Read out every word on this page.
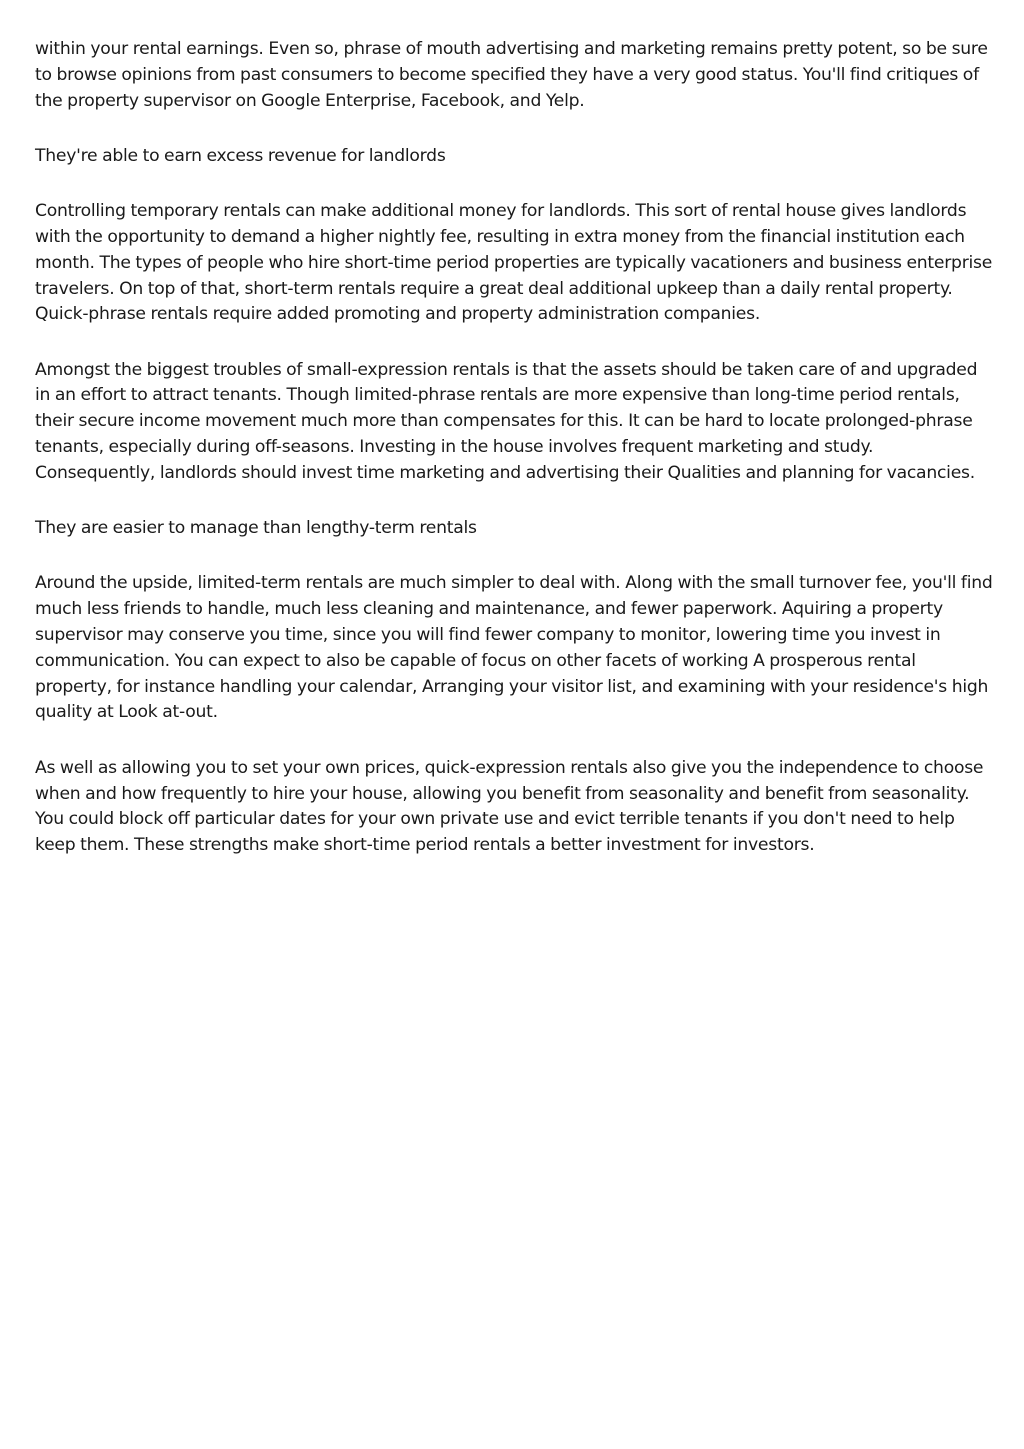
within your rental earnings. Even so, phrase of mouth advertising and marketing remains pretty potent, so be sure to browse opinions from past consumers to become specified they have a very good status. You'll find critiques of the property supervisor on Google Enterprise, Facebook, and Yelp.

They're able to earn excess revenue for landlords

Controlling temporary rentals can make additional money for landlords. This sort of rental house gives landlords with the opportunity to demand a higher nightly fee, resulting in extra money from the financial institution each month. The types of people who hire short-time period properties are typically vacationers and business enterprise travelers. On top of that, short-term rentals require a great deal additional upkeep than a daily rental property. Quick-phrase rentals require added promoting and property administration companies.

Amongst the biggest troubles of small-expression rentals is that the assets should be taken care of and upgraded in an effort to attract tenants. Though limited-phrase rentals are more expensive than long-time period rentals, their secure income movement much more than compensates for this. It can be hard to locate prolonged-phrase tenants, especially during off-seasons. Investing in the house involves frequent marketing and study. Consequently, landlords should invest time marketing and advertising their Qualities and planning for vacancies.

They are easier to manage than lengthy-term rentals

Around the upside, limited-term rentals are much simpler to deal with. Along with the small turnover fee, you'll find much less friends to handle, much less cleaning and maintenance, and fewer paperwork. Aquiring a property supervisor may conserve you time, since you will find fewer company to monitor, lowering time you invest in communication. You can expect to also be capable of focus on other facets of working A prosperous rental property, for instance handling your calendar, Arranging your visitor list, and examining with your residence's high quality at Look at-out.

As well as allowing you to set your own prices, quick-expression rentals also give you the independence to choose when and how frequently to hire your house, allowing you benefit from seasonality and benefit from seasonality. You could block off particular dates for your own private use and evict terrible tenants if you don't need to help keep them. These strengths make short-time period rentals a better investment for investors.
